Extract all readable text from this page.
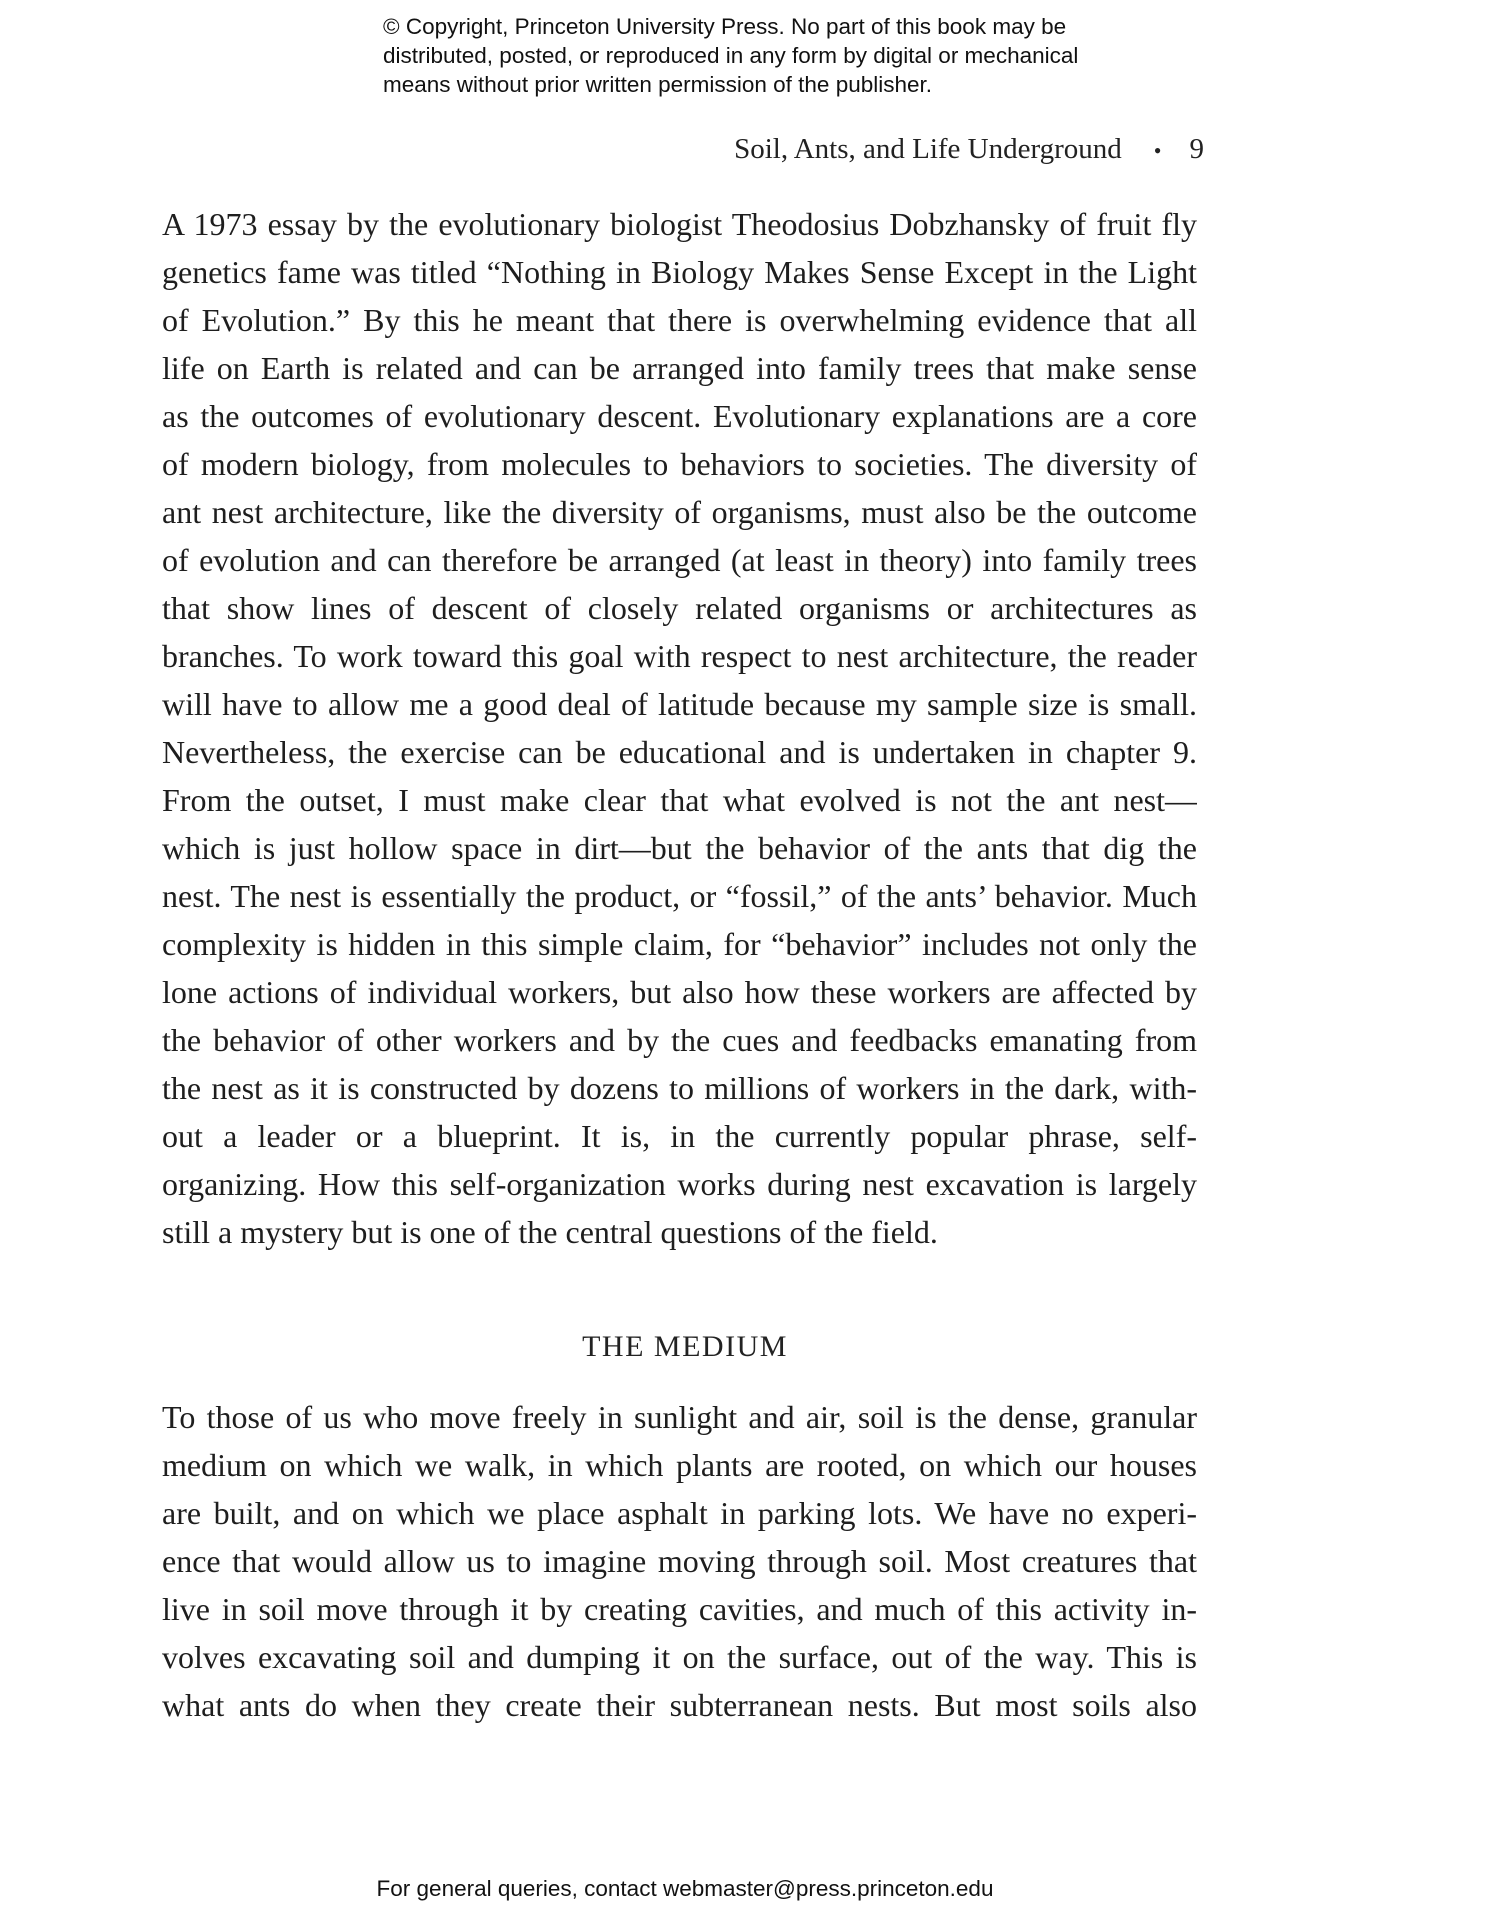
© Copyright, Princeton University Press. No part of this book may be
distributed, posted, or reproduced in any form by digital or mechanical
means without prior written permission of the publisher.
Soil, Ants, and Life Underground • 9
A 1973 essay by the evolutionary biologist Theodosius Dobzhansky of fruit fly
genetics fame was titled “Nothing in Biology Makes Sense Except in the Light
of Evolution.” By this he meant that there is overwhelming evidence that all
life on Earth is related and can be arranged into family trees that make sense
as the outcomes of evolutionary descent. Evolutionary explanations are a core
of modern biology, from molecules to behaviors to societies. The diversity of
ant nest architecture, like the diversity of organisms, must also be the outcome
of evolution and can therefore be arranged (at least in theory) into family trees
that show lines of descent of closely related organisms or architectures as
branches. To work toward this goal with respect to nest architecture, the reader
will have to allow me a good deal of latitude because my sample size is small.
Nevertheless, the exercise can be educational and is undertaken in chapter 9.
From the outset, I must make clear that what evolved is not the ant nest—
which is just hollow space in dirt—but the behavior of the ants that dig the
nest. The nest is essentially the product, or “fossil,” of the ants’ behavior. Much
complexity is hidden in this simple claim, for “behavior” includes not only the
lone actions of individual workers, but also how these workers are affected by
the behavior of other workers and by the cues and feedbacks emanating from
the nest as it is constructed by dozens to millions of workers in the dark, with-
out a leader or a blueprint. It is, in the currently popular phrase, self-
organizing. How this self-organization works during nest excavation is largely
still a mystery but is one of the central questions of the field.
THE MEDIUM
To those of us who move freely in sunlight and air, soil is the dense, granular
medium on which we walk, in which plants are rooted, on which our houses
are built, and on which we place asphalt in parking lots. We have no experi-
ence that would allow us to imagine moving through soil. Most creatures that
live in soil move through it by creating cavities, and much of this activity in-
volves excavating soil and dumping it on the surface, out of the way. This is
what ants do when they create their subterranean nests. But most soils also
For general queries, contact webmaster@press.princeton.edu
